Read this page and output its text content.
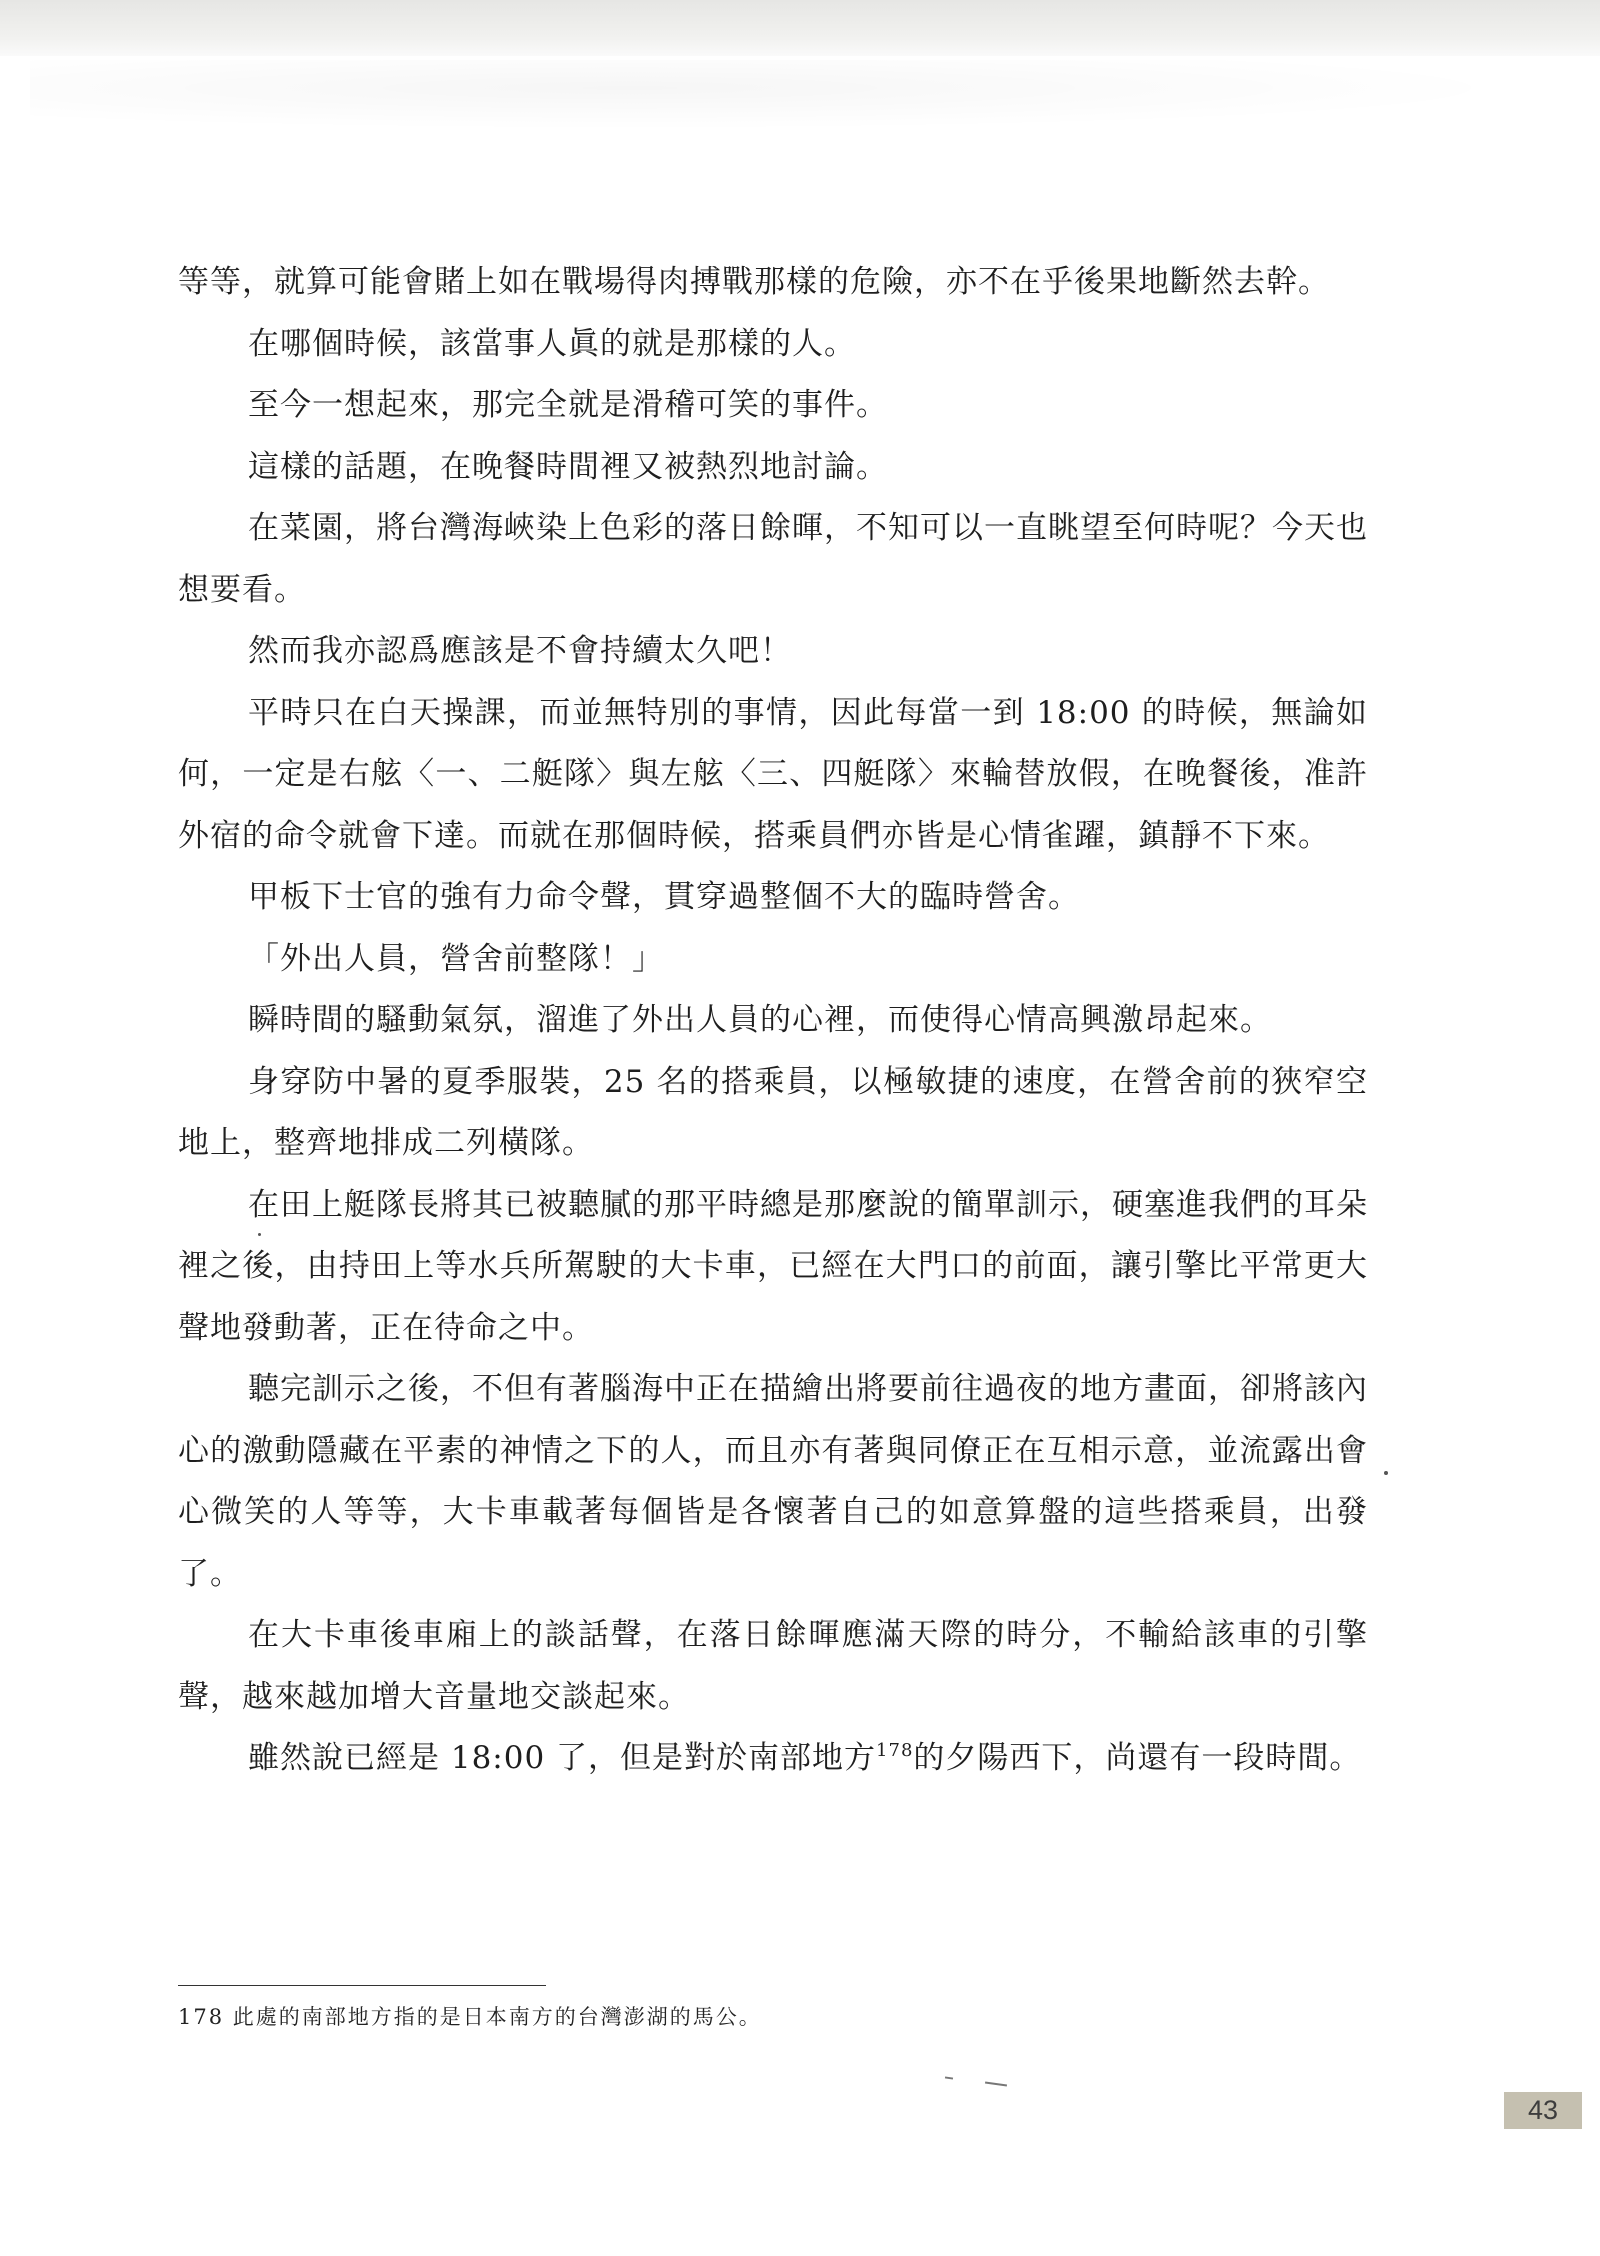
等等，就算可能會賭上如在戰場得肉搏戰那樣的危險，亦不在乎後果地斷然去幹。

在哪個時候，該當事人眞的就是那樣的人。

至今一想起來，那完全就是滑稽可笑的事件。

這樣的話題，在晚餐時間裡又被熱烈地討論。

在菜園，將台灣海峽染上色彩的落日餘暉，不知可以一直眺望至何時呢？今天也想要看。

然而我亦認爲應該是不會持續太久吧！

平時只在白天操課，而並無特別的事情，因此每當一到 18:00 的時候，無論如何，一定是右舷〈一、二艇隊〉與左舷〈三、四艇隊〉來輪替放假，在晚餐後，准許外宿的命令就會下達。而就在那個時候，搭乘員們亦皆是心情雀躍，鎮靜不下來。

甲板下士官的強有力命令聲，貫穿過整個不大的臨時營舍。

「外出人員，營舍前整隊！」

瞬時間的騷動氣氛，溜進了外出人員的心裡，而使得心情高興激昂起來。

身穿防中暑的夏季服裝，25 名的搭乘員，以極敏捷的速度，在營舍前的狹窄空地上，整齊地排成二列橫隊。

在田上艇隊長將其已被聽膩的那平時總是那麼說的簡單訓示，硬塞進我們的耳朵裡之後，由持田上等水兵所駕駛的大卡車，已經在大門口的前面，讓引擎比平常更大聲地發動著，正在待命之中。

聽完訓示之後，不但有著腦海中正在描繪出將要前往過夜的地方畫面，卻將該內心的激動隱藏在平素的神情之下的人，而且亦有著與同僚正在互相示意，並流露出會心微笑的人等等，大卡車載著每個皆是各懷著自己的如意算盤的這些搭乘員，出發了。

在大卡車後車廂上的談話聲，在落日餘暉應滿天際的時分，不輸給該車的引擎聲，越來越加增大音量地交談起來。

雖然說已經是 18:00 了，但是對於南部地方$^{178}$的夕陽西下，尚還有一段時間。

178 此處的南部地方指的是日本南方的台灣澎湖的馬公。
43
